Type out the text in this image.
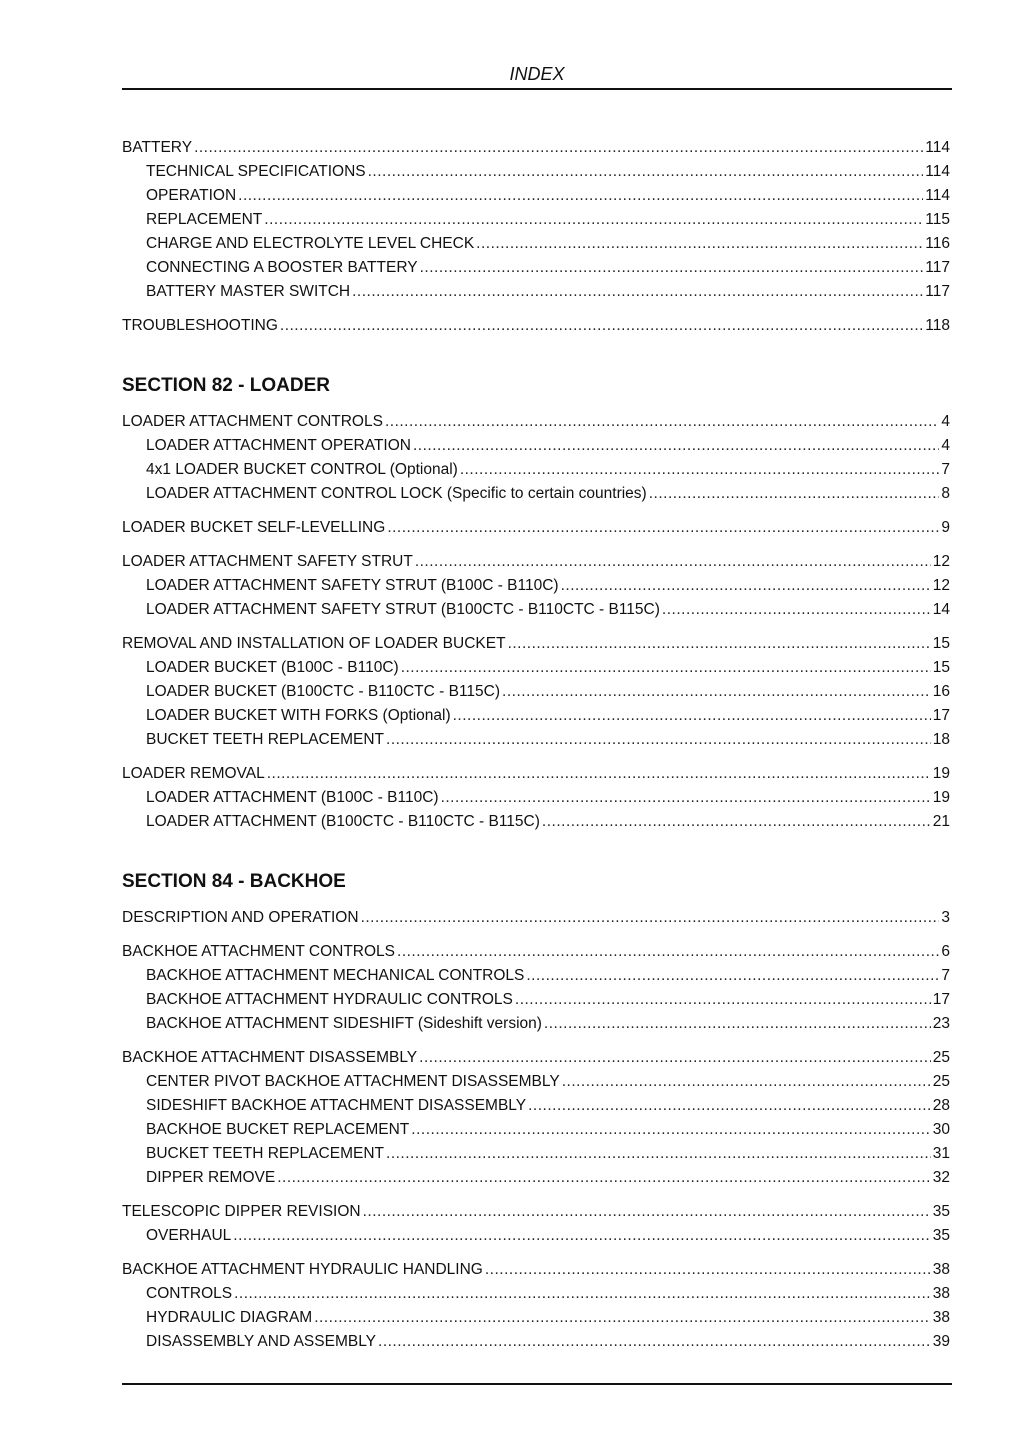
INDEX
BATTERY .....	114
TECHNICAL SPECIFICATIONS .....	114
OPERATION .....	114
REPLACEMENT .....	115
CHARGE AND ELECTROLYTE LEVEL CHECK .....	116
CONNECTING A BOOSTER BATTERY .....	117
BATTERY MASTER SWITCH .....	117
TROUBLESHOOTING .....	118
SECTION 82 - LOADER
LOADER ATTACHMENT CONTROLS .....	4
LOADER ATTACHMENT OPERATION .....	4
4x1 LOADER BUCKET CONTROL (Optional) .....	7
LOADER ATTACHMENT CONTROL LOCK (Specific to certain countries) .....	8
LOADER BUCKET SELF-LEVELLING .....	9
LOADER ATTACHMENT SAFETY STRUT .....	12
LOADER ATTACHMENT SAFETY STRUT (B100C - B110C) .....	12
LOADER ATTACHMENT SAFETY STRUT (B100CTC - B110CTC - B115C) .....	14
REMOVAL AND INSTALLATION OF LOADER BUCKET .....	15
LOADER BUCKET (B100C - B110C) .....	15
LOADER BUCKET (B100CTC - B110CTC - B115C) .....	16
LOADER BUCKET WITH FORKS (Optional) .....	17
BUCKET TEETH REPLACEMENT .....	18
LOADER REMOVAL .....	19
LOADER ATTACHMENT (B100C - B110C) .....	19
LOADER ATTACHMENT (B100CTC - B110CTC - B115C) .....	21
SECTION 84 - BACKHOE
DESCRIPTION AND OPERATION .....	3
BACKHOE ATTACHMENT CONTROLS .....	6
BACKHOE ATTACHMENT MECHANICAL CONTROLS .....	7
BACKHOE ATTACHMENT HYDRAULIC CONTROLS .....	17
BACKHOE ATTACHMENT SIDESHIFT (Sideshift version) .....	23
BACKHOE ATTACHMENT DISASSEMBLY .....	25
CENTER PIVOT BACKHOE ATTACHMENT DISASSEMBLY .....	25
SIDESHIFT BACKHOE ATTACHMENT DISASSEMBLY .....	28
BACKHOE BUCKET REPLACEMENT .....	30
BUCKET TEETH REPLACEMENT .....	31
DIPPER REMOVE .....	32
TELESCOPIC DIPPER REVISION .....	35
OVERHAUL .....	35
BACKHOE ATTACHMENT HYDRAULIC HANDLING .....	38
CONTROLS .....	38
HYDRAULIC DIAGRAM .....	38
DISASSEMBLY AND ASSEMBLY .....	39
